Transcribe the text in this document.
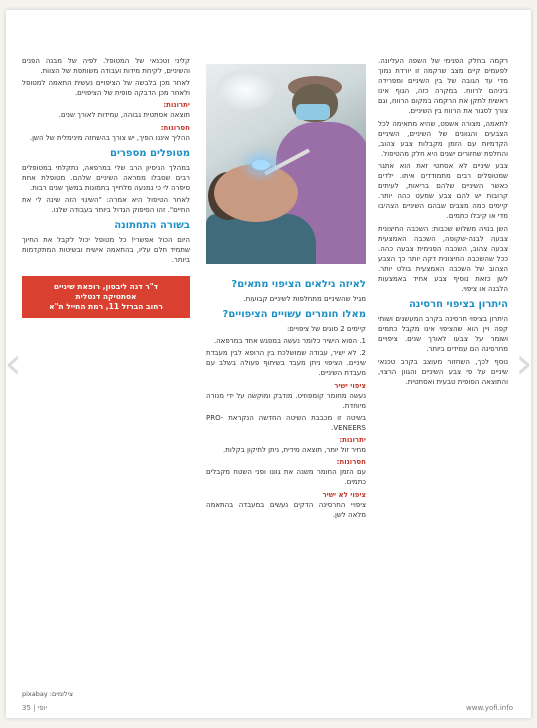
רקמה בחלק הפנימי של השפה העליונה. לפעמים קיים מצב שרקמה זו יורדת נמוך מדי עד הגובה של בין השיניים ומפרידה ביניהם לרווח. במקרה כזה, הגוף אינו ראשית לתקן את הרקמה במקום הרווח, וגם צורך לסגור את הרווח בין השיניים.

לתאמה, מצורה אשפט, שהיא מתאימה לכל הצבעים והגוונים של השיניים, השיניים הקדמיות עם הזמן מקבלות צבע צהוב, והחלפת שחזורים ישנים היא חלק מהטיפול.

צבע שיניים לא אסתטי זאת הוא אתגר שמטופלים רבים מתמודדים איתו. ילדים כאשר השיניים שלהם בריאות, לעיתים קרובות יש להם צבע שמעט כהה יותר. קיימים כמה מצבים שבהם השיניים הצהיבו מדי או קיבלו כתמים.

השן בנויה משלוש שכבות: השכבה החיצונית צבעה לבנה-שקופה, השכבה האמצעית צבעה צהוב, השכבה הפנימית צבעה כהה. ככל שהשכבה החיצונית דקה יותר כך הצבע הצהוב של השכבה האמצעית בולט יותר. לשן כזאת נוסיף צבע אחיד באמצעות הלבנה או ציפוי.

היתרון בציפוי חרסינה

היתרון בציפוי חרסינה בקרב המעשנים ושותי קפה ויין הוא שהציפוי אינו מקבל כתמים ושומר על צבעו לאורך שנים. ציפויים מחרסינה הם עמידים ביותר.

נוסף לכך, השחזור מעוצב בקרב טכנאי שיניים על פי צבע השיניים והגוון הרצוי, והתוצאה הסופית טבעית ואסתטית.

לאיזה גילאים הציפוי מתאים?

מגיל שהשיניים מתחלפות לשיניים קבועות.

מאלו חומרים עשויים הציפויים?

קיימים 2 סוגים של ציפויים:

1. הפוא הישיר כלומר נעשה במפגש אחד במרפאה.

2. לא ישיר, עבודה שמושלכת בין הרופא לבין מעבדת שיניים. הציפוי ניתן מעבד בשיתוף פעולה בשלב עם מעבדת השיניים.

ציפוי ישיר

נעשה מחומר קומפוזיט. מודבק ומוקשה על ידי מנורה מיוחדת.

בשיטה זו מכבבת השיטה החדשה הנקראת PRO-VENEERS.

יתרונות:

מחיר זול יותר, תוצאה מידית, ניתן לתיקון בקלות.

חסרונות:

עם הזמן החומר משנה את גוונו ופני השטח מקבלים כתמים.

ציפוי לא ישיר

ציפויי החרסינה הדקים נעשים במעבדה בהתאמה מלאה לשן.

קליני וטכנאי של המטופל. לפיה של מבנה הפנים והשיניים, לקיחת מידות ועבודה משותפת של הצוות.

לאחר מכן בלבשה של הציפויים נעשית התאמה למטופל ולאחר מכן הדבקה סופית של הציפויים.

יתרונות:

תוצאה אסתטית גבוהה, עמידות לאורך שנים.

חסרונות:

ההליך איננו הפיך, יש צורך בהשחזה מינימלית של השן.

מטופלים מספרים

במהלך הניסיון הרב שלי במרפאה, נתקלתי במטופלים רבים שסבלו ממראה השיניים שלהם. מטופלת אחת סיפרה לי כי נמנעה מלחייך בתמונות במשך שנים רבות.

לאחר הטיפול היא אמרה: "השינוי הזה שינה לי את החיים". זהו הסיפוק הגדול ביותר בעבודה שלנו.

בשורה התחתונה

היום הכול אפשרי! כל מטופל יכול לקבל את החיוך שתמיד חלם עליו, בהתאמה אישית ובשיטות המתקדמות ביותר.

ד"ר דנה ליבסון, רופאת שיניים
אסתטיקה דנטלית
רחוב הברזל 11, רמת החייל ת"א
צילומים: pixabay
35 | יופי	www.yofi.info
‹	›
